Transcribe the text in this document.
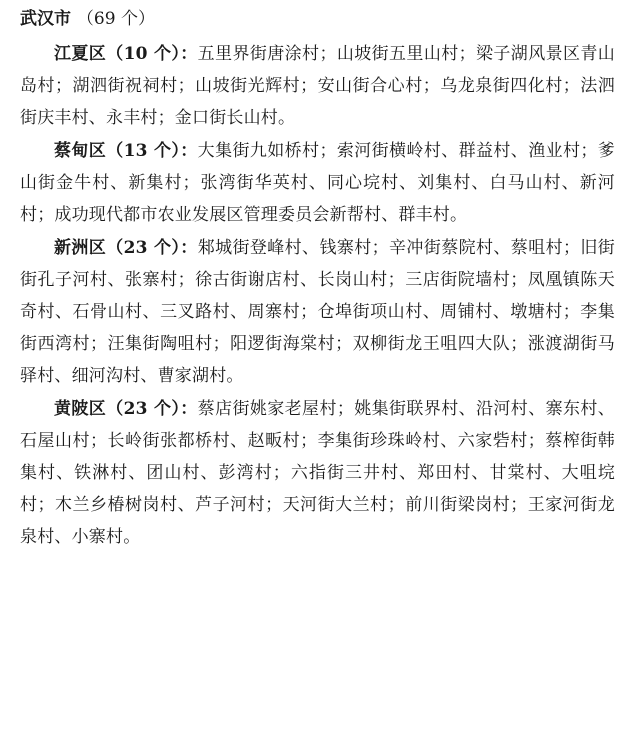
武汉市 （69 个）

江夏区（10 个）：五里界街唐涂村；山坡街五里山村；梁子湖风景区青山岛村；湖泗街祝祠村；山坡街光辉村；安山街合心村；乌龙泉街四化村；法泗街庆丰村、永丰村；金口街长山村。

蔡甸区（13 个）：大集街九如桥村；索河街横岭村、群益村、渔业村；爹山街金牛村、新集村；张湾街华英村、同心垸村、刘集村、白马山村、新河村；成功现代都市农业发展区管理委员会新帮村、群丰村。

新洲区（23 个）：邾城街登峰村、钱寨村；辛冲街蔡院村、蔡咀村；旧街街孔子河村、张寨村；徐古街谢店村、长岗山村；三店街院墙村；凤凰镇陈天奇村、石骨山村、三叉路村、周寨村；仓埠街项山村、周铺村、墩塘村；李集街西湾村；汪集街陶咀村；阳逻街海棠村；双柳街龙王咀四大队；涨渡湖街马驿村、细河沟村、曹家湖村。

黄陂区（23 个）：蔡店街姚家老屋村；姚集街联界村、沿河村、寨东村、石屋山村；长岭街张都桥村、赵畈村；李集街珍珠岭村、六家砦村；蔡榨街韩集村、铁淋村、团山村、彭湾村；六指街三井村、郑田村、甘棠村、大咀垸村；木兰乡椿树岗村、芦子河村；天河街大兰村；前川街梁岗村；王家河街龙泉村、小寨村。
